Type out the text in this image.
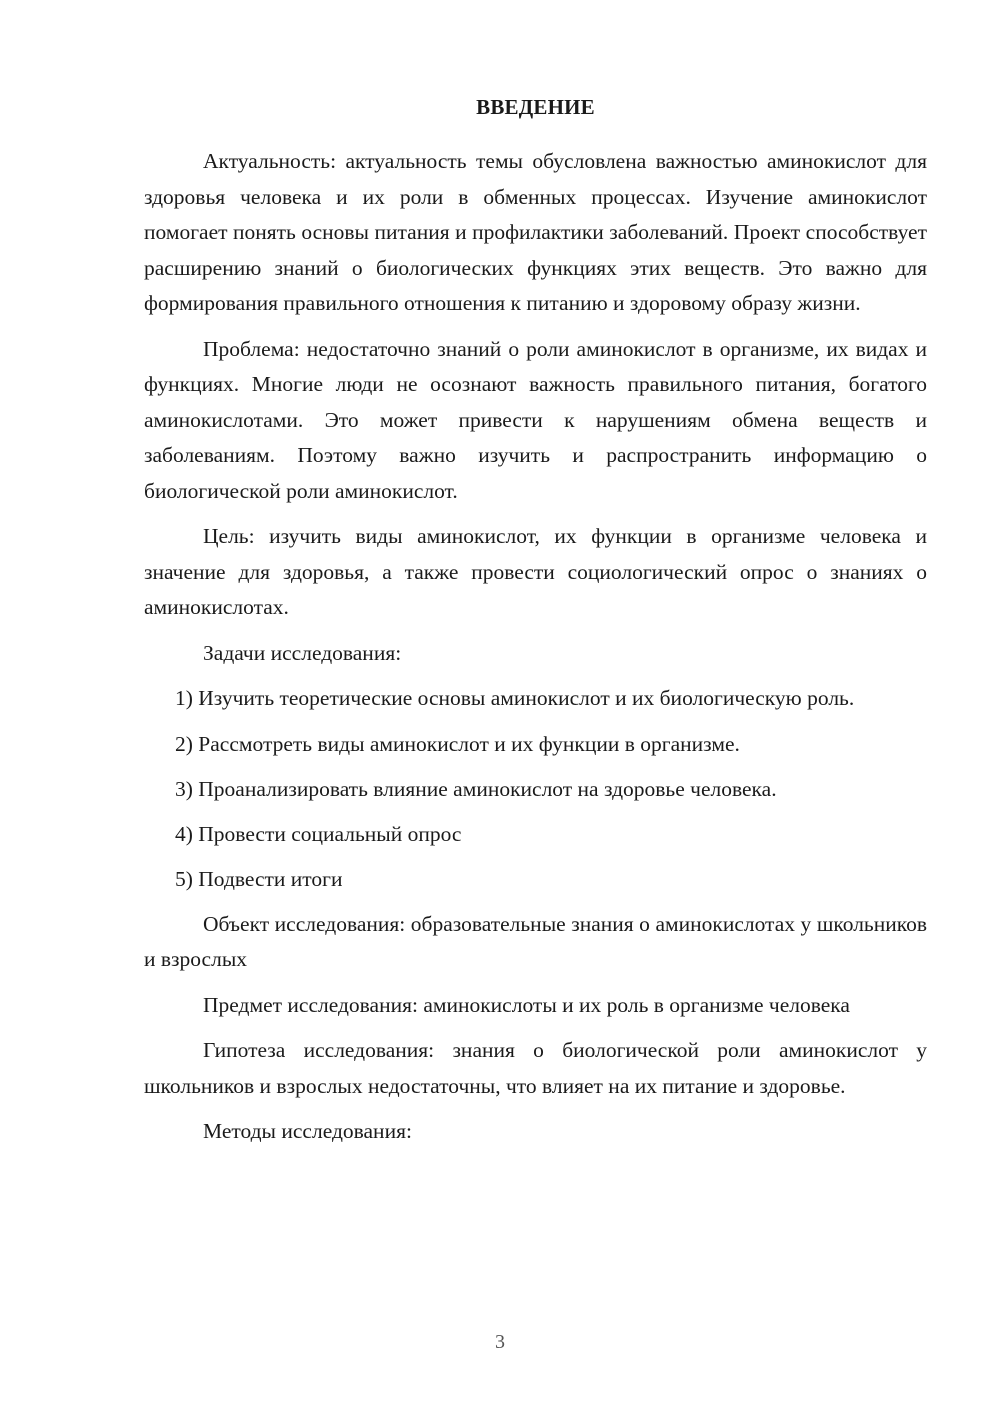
ВВЕДЕНИЕ

Актуальность: актуальность темы обусловлена важностью аминокислот для здоровья человека и их роли в обменных процессах. Изучение аминокислот помогает понять основы питания и профилактики заболеваний. Проект способствует расширению знаний о биологических функциях этих веществ. Это важно для формирования правильного отношения к питанию и здоровому образу жизни.

Проблема: недостаточно знаний о роли аминокислот в организме, их видах и функциях. Многие люди не осознают важность правильного питания, богатого аминокислотами. Это может привести к нарушениям обмена веществ и заболеваниям. Поэтому важно изучить и распространить информацию о биологической роли аминокислот.

Цель: изучить виды аминокислот, их функции в организме человека и значение для здоровья, а также провести социологический опрос о знаниях о аминокислотах.

Задачи исследования:

1) Изучить теоретические основы аминокислот и их биологическую роль.

2) Рассмотреть виды аминокислот и их функции в организме.

3) Проанализировать влияние аминокислот на здоровье человека.

4) Провести социальный опрос

5) Подвести итоги

Объект исследования: образовательные знания о аминокислотах у школьников и взрослых

Предмет исследования: аминокислоты и их роль в организме человека

Гипотеза исследования: знания о биологической роли аминокислот у школьников и взрослых недостаточны, что влияет на их питание и здоровье.

Методы исследования:

3
